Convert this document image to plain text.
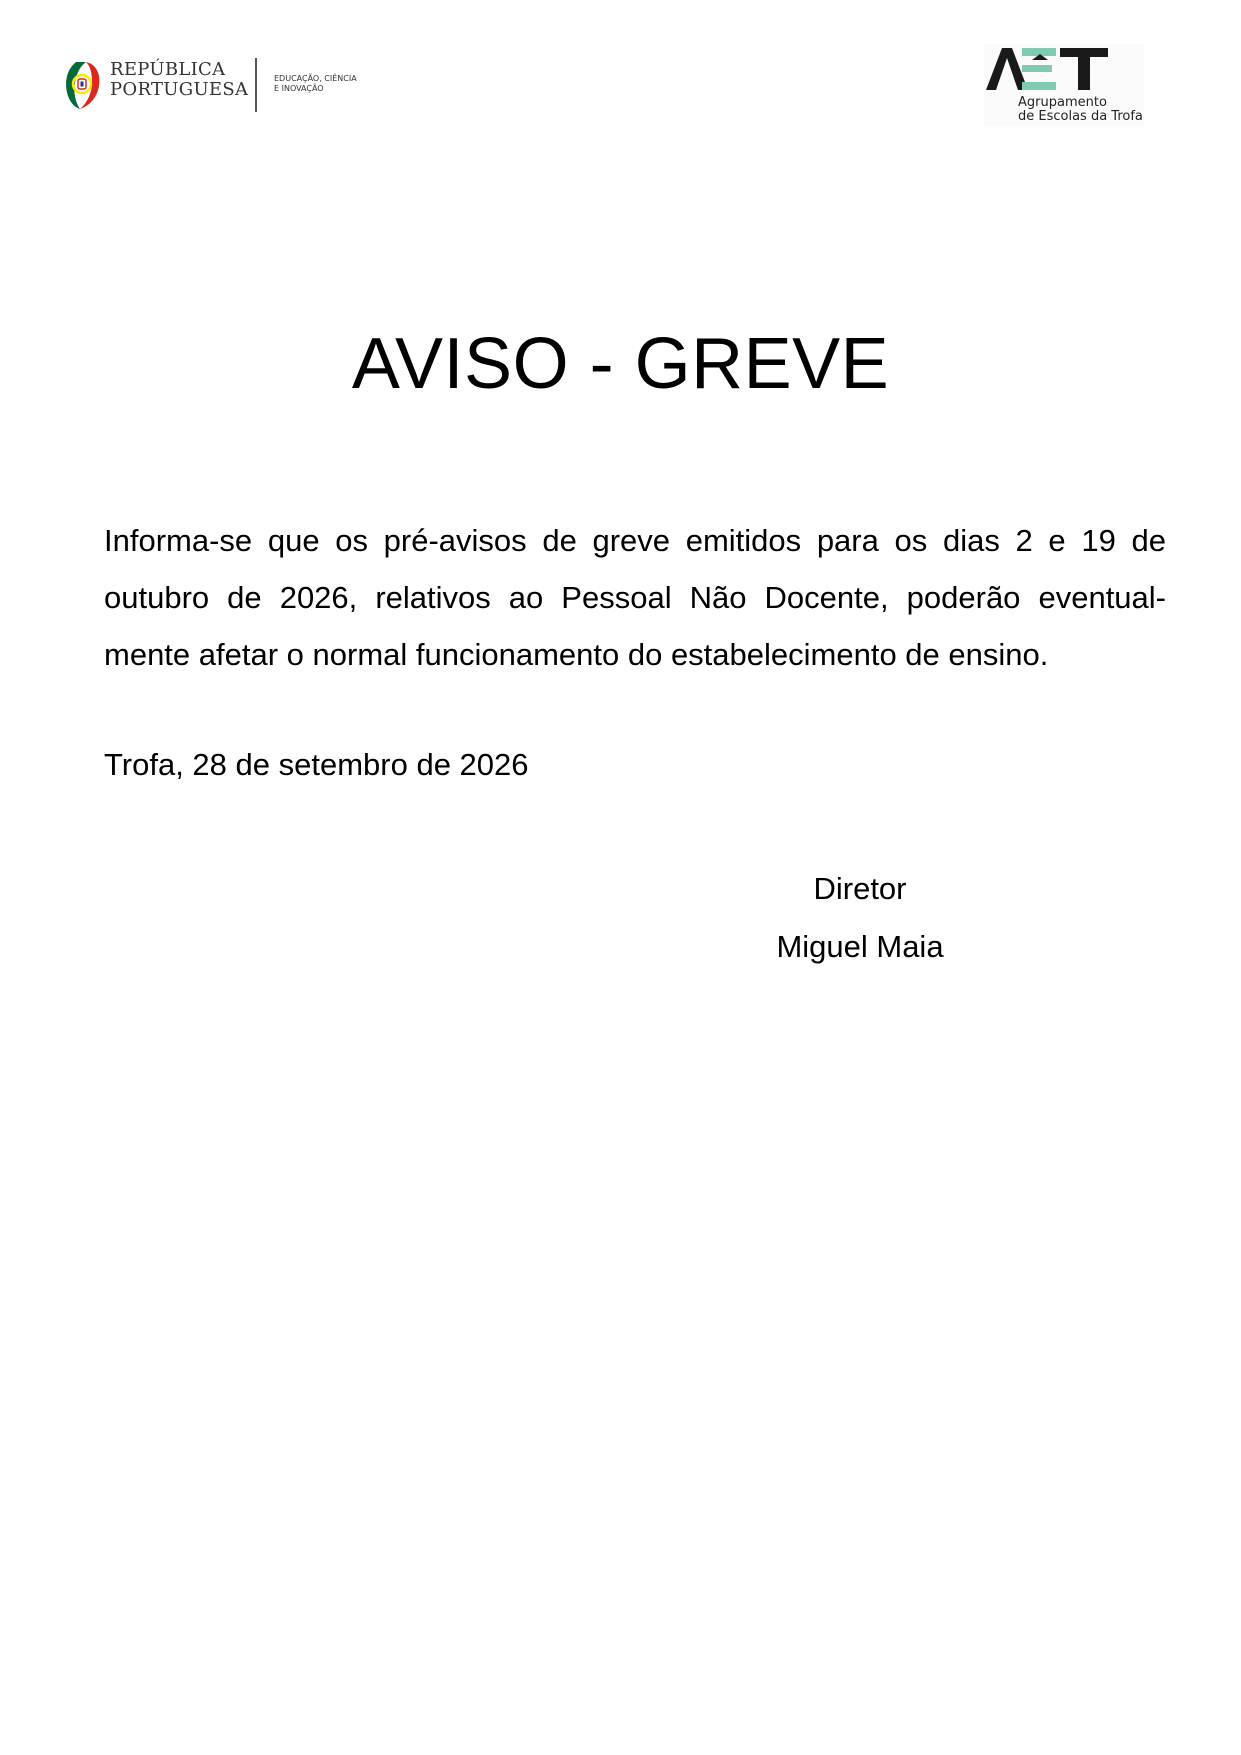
REPÚBLICA
PORTUGUESA
EDUCAÇÃO, CIÊNCIA
E INOVAÇÃO
Agrupamento
de Escolas da Trofa
AVISO - GREVE

Informa-se que os pré-avisos de greve emitidos para os dias 2 e 19 de
outubro de 2026, relativos ao Pessoal Não Docente, poderão eventual-
mente afetar o normal funcionamento do estabelecimento de ensino.

Trofa, 28 de setembro de 2026

Diretor
Miguel Maia
